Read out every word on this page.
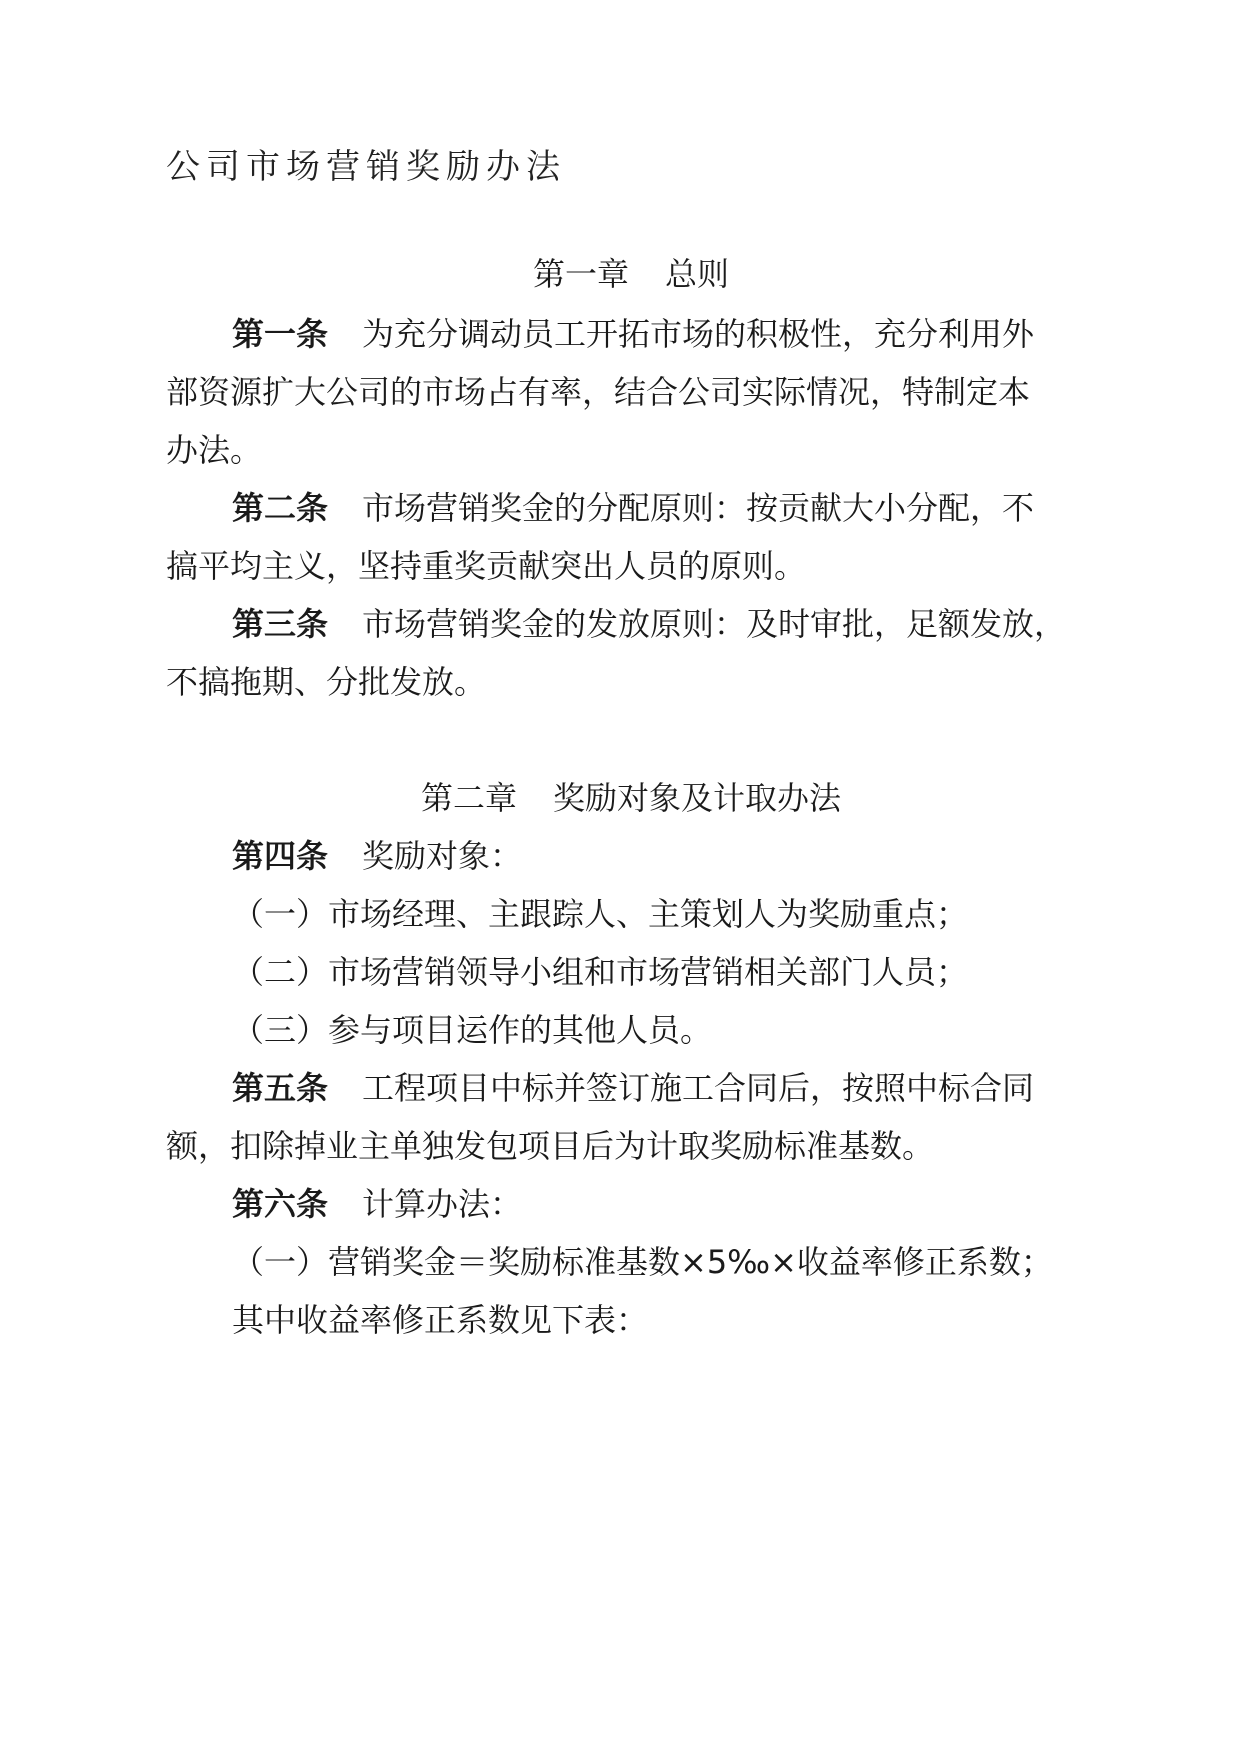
公司市场营销奖励办法
第一章 总则
第一条 为充分调动员工开拓市场的积极性，充分利用外
部资源扩大公司的市场占有率，结合公司实际情况，特制定本
办法。
第二条 市场营销奖金的分配原则：按贡献大小分配，不
搞平均主义，坚持重奖贡献突出人员的原则。
第三条 市场营销奖金的发放原则：及时审批，足额发放，
不搞拖期、分批发放。
第二章 奖励对象及计取办法
第四条 奖励对象：
（一）市场经理、主跟踪人、主策划人为奖励重点；
（二）市场营销领导小组和市场营销相关部门人员；
（三）参与项目运作的其他人员。
第五条 工程项目中标并签订施工合同后，按照中标合同
额，扣除掉业主单独发包项目后为计取奖励标准基数。
第六条 计算办法：
（一）营销奖金＝奖励标准基数×5‰×收益率修正系数；
其中收益率修正系数见下表：
